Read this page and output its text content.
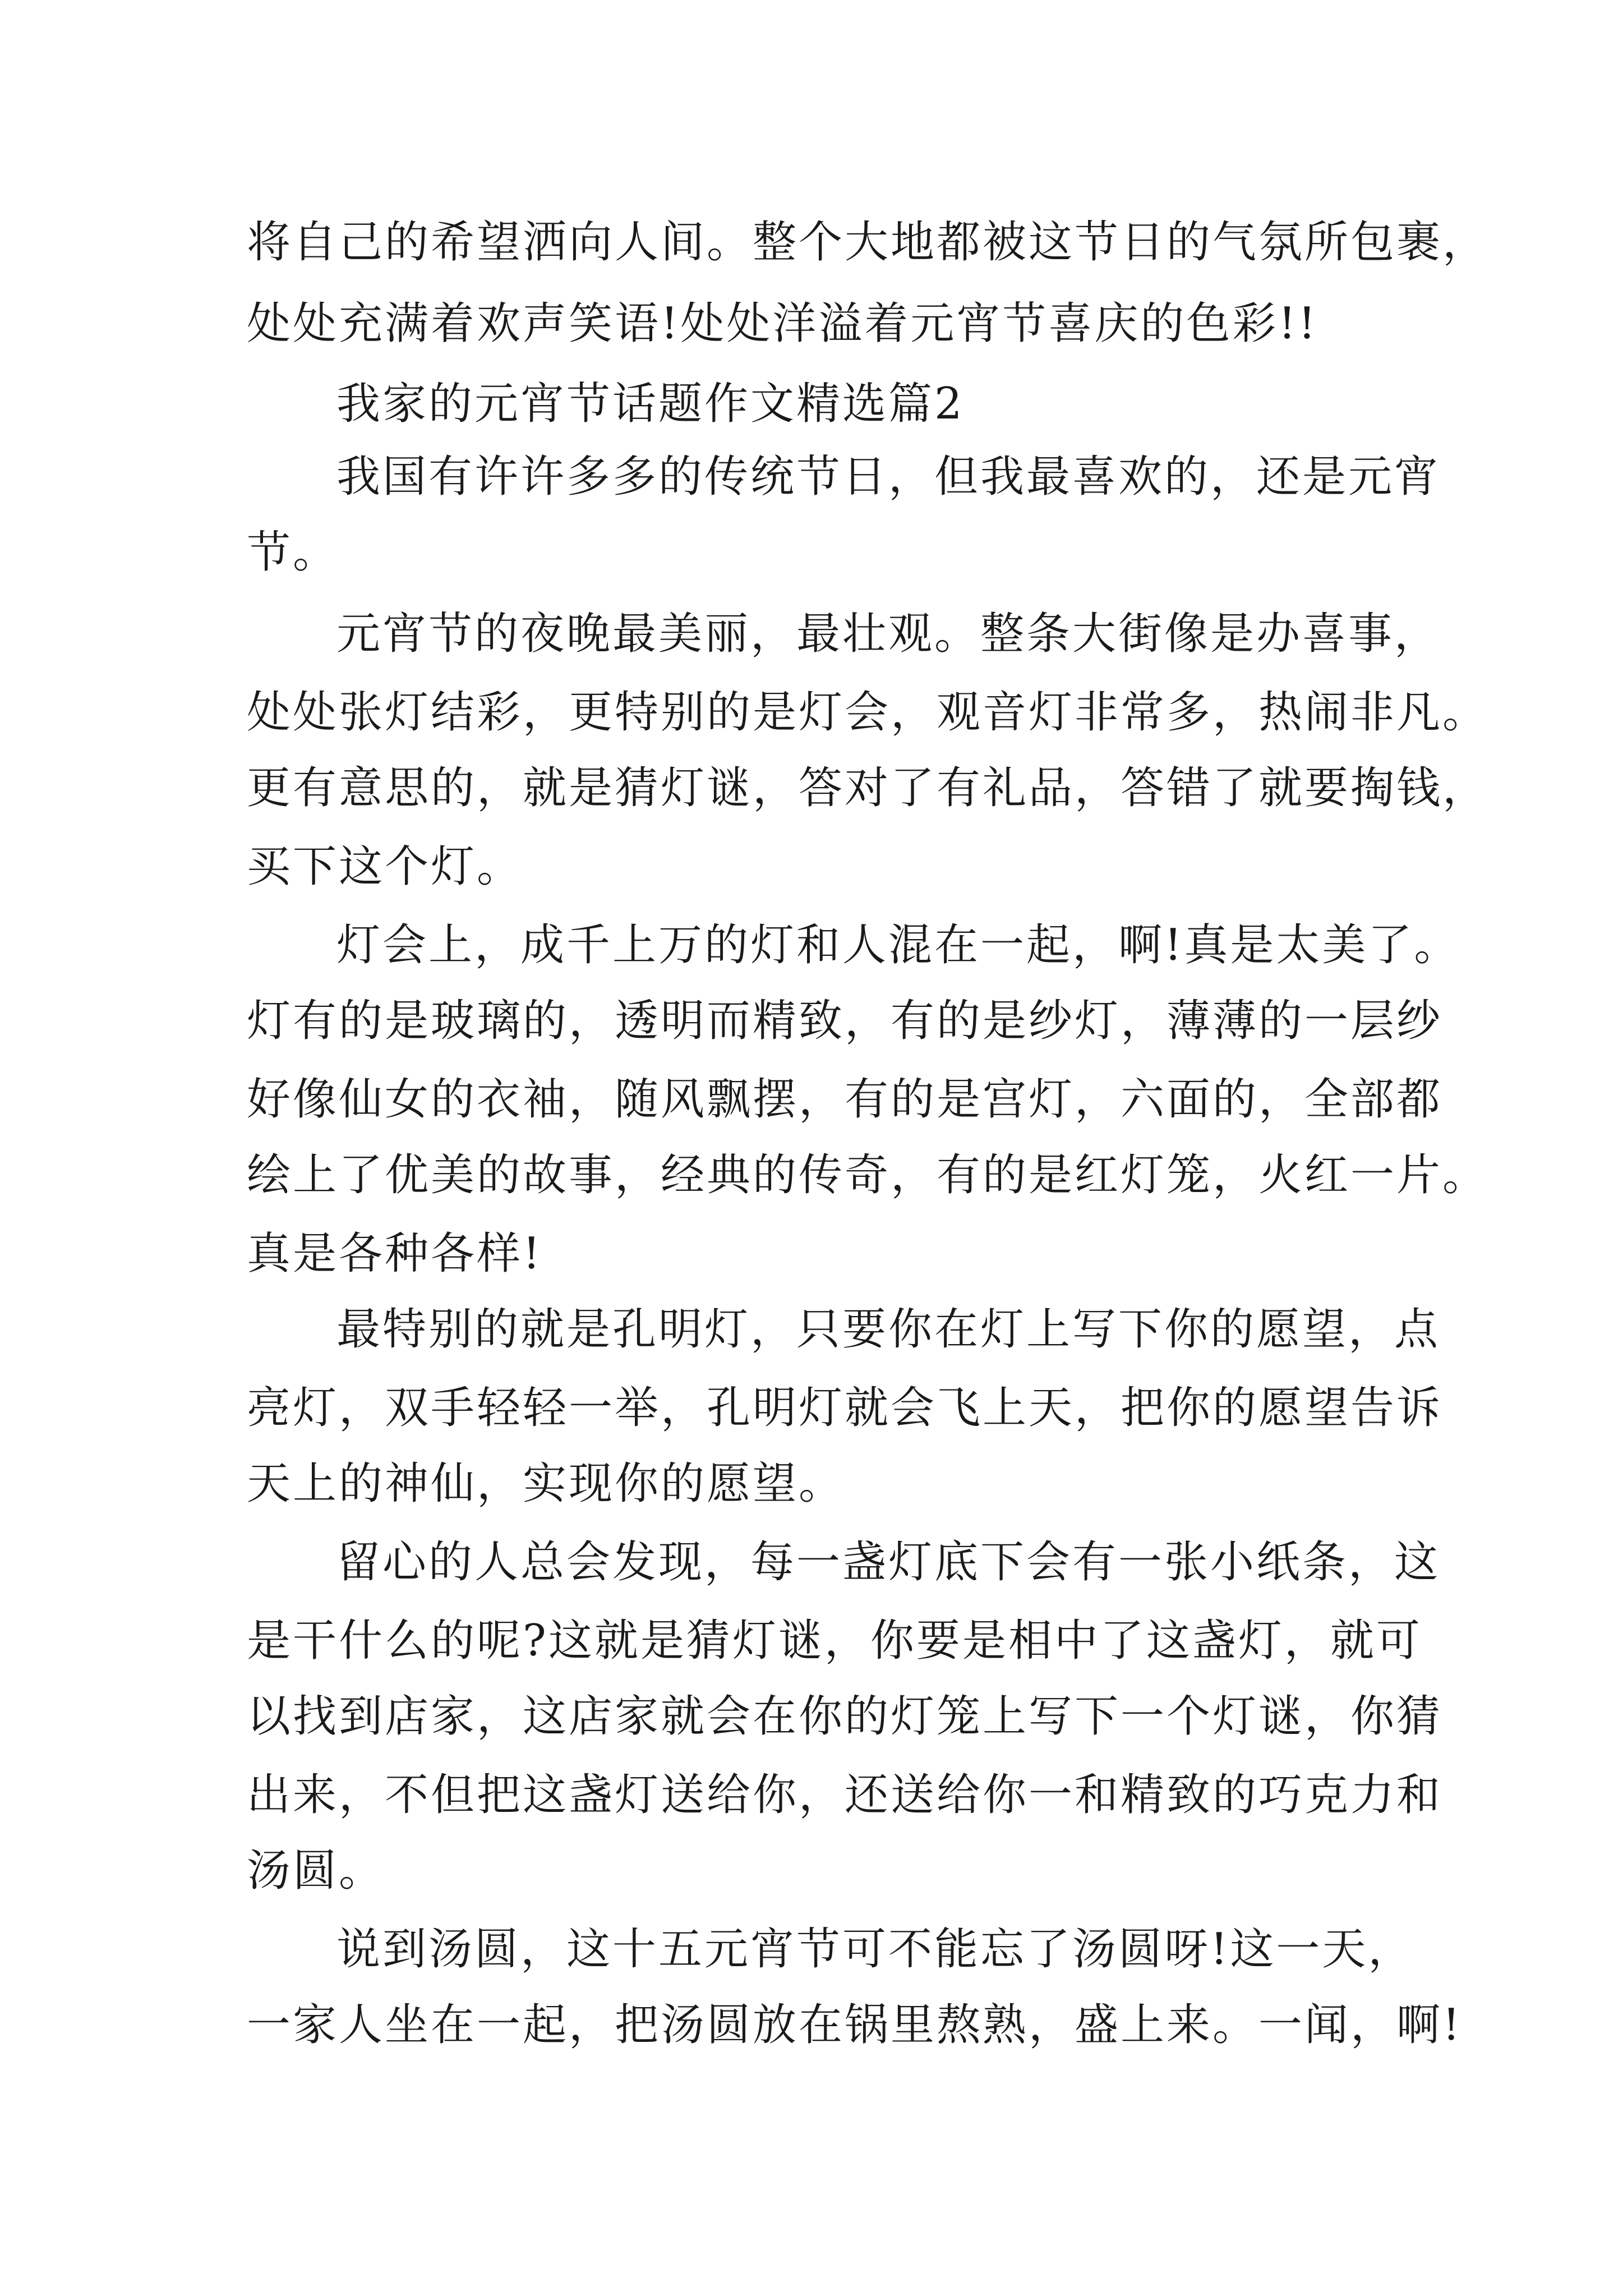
将自己的希望洒向人间。整个大地都被这节日的气氛所包裹，
处处充满着欢声笑语!处处洋溢着元宵节喜庆的色彩!!
我家的元宵节话题作文精选篇2
我国有许许多多的传统节日，但我最喜欢的，还是元宵
节。
元宵节的夜晚最美丽，最壮观。整条大街像是办喜事，
处处张灯结彩，更特别的是灯会，观音灯非常多，热闹非凡。
更有意思的，就是猜灯谜，答对了有礼品，答错了就要掏钱，
买下这个灯。
灯会上，成千上万的灯和人混在一起，啊!真是太美了。
灯有的是玻璃的，透明而精致，有的是纱灯，薄薄的一层纱
好像仙女的衣袖，随风飘摆，有的是宫灯，六面的，全部都
绘上了优美的故事，经典的传奇，有的是红灯笼，火红一片。
真是各种各样!
最特别的就是孔明灯，只要你在灯上写下你的愿望，点
亮灯，双手轻轻一举，孔明灯就会飞上天，把你的愿望告诉
天上的神仙，实现你的愿望。
留心的人总会发现，每一盏灯底下会有一张小纸条，这
是干什么的呢?这就是猜灯谜，你要是相中了这盏灯，就可
以找到店家，这店家就会在你的灯笼上写下一个灯谜，你猜
出来，不但把这盏灯送给你，还送给你一和精致的巧克力和
汤圆。
说到汤圆，这十五元宵节可不能忘了汤圆呀!这一天，
一家人坐在一起，把汤圆放在锅里熬熟，盛上来。一闻，啊!
